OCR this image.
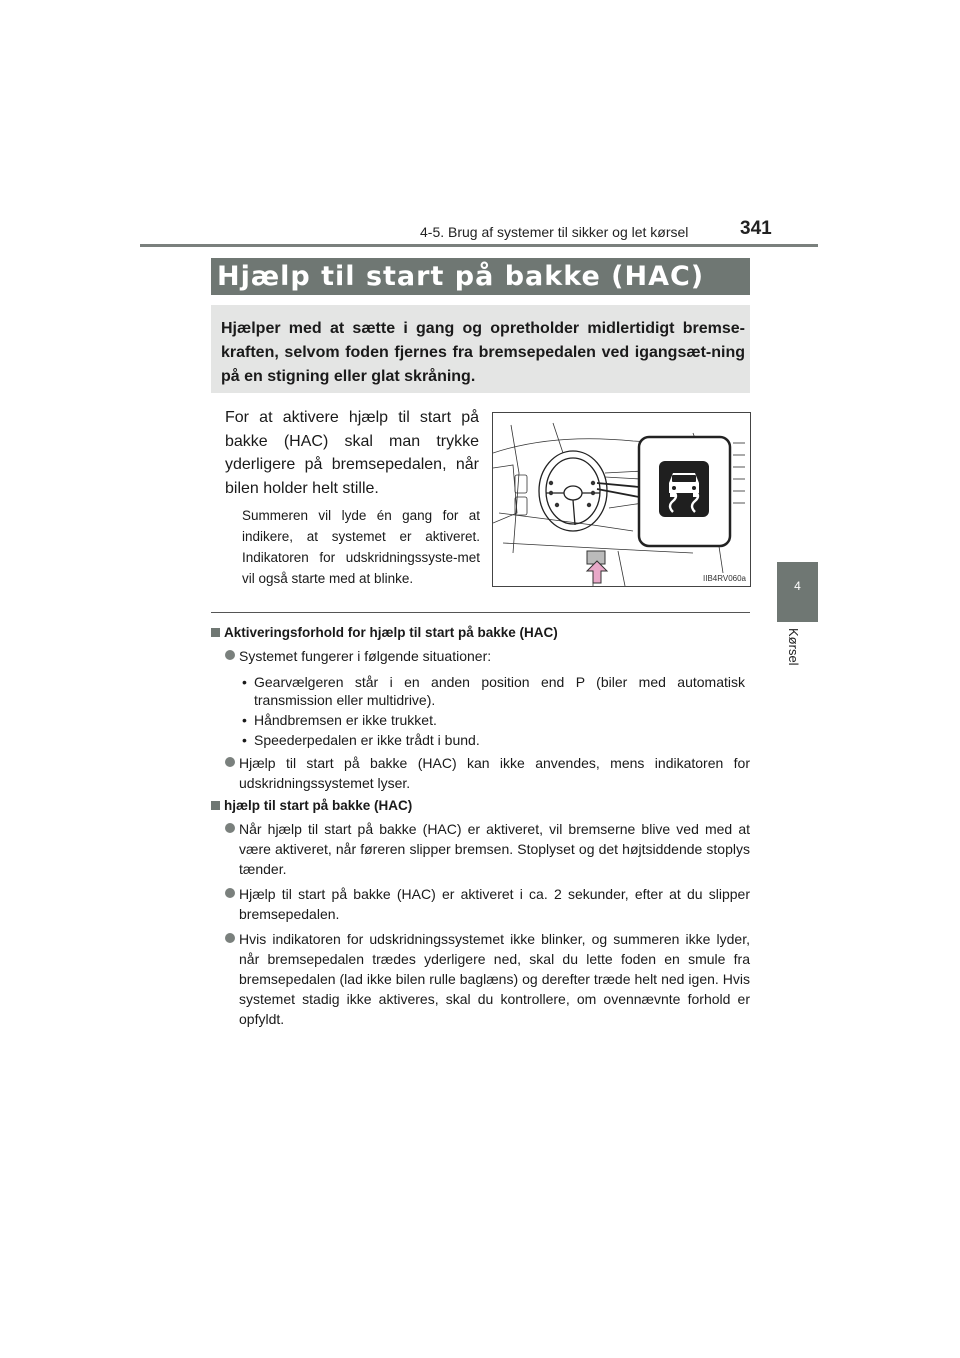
4-5. Brug af systemer til sikker og let kørsel	341
4
Kørsel
Hjælp til start på bakke (HAC)

Hjælper med at sætte i gang og opretholder midlertidigt bremse-kraften, selvom foden fjernes fra bremsepedalen ved igangsæt-ning på en stigning eller glat skråning.

For at aktivere hjælp til start på bakke (HAC) skal man trykke yderligere på bremsepedalen, når bilen holder helt stille.

Summeren vil lyde én gang for at indikere, at systemet er aktiveret. Indikatoren for udskridningssyste-met vil også starte med at blinke.	IIB4RV060a
Aktiveringsforhold for hjælp til start på bakke (HAC)
Systemet fungerer i følgende situationer:
• Gearvælgeren står i en anden position end P (biler med automatisk transmission eller multidrive).
• Håndbremsen er ikke trukket.
• Speederpedalen er ikke trådt i bund.
Hjælp til start på bakke (HAC) kan ikke anvendes, mens indikatoren for udskridningssystemet lyser.
hjælp til start på bakke (HAC)
Når hjælp til start på bakke (HAC) er aktiveret, vil bremserne blive ved med at være aktiveret, når føreren slipper bremsen. Stoplyset og det højtsiddende stoplys tænder.
Hjælp til start på bakke (HAC) er aktiveret i ca. 2 sekunder, efter at du slipper bremsepedalen.
Hvis indikatoren for udskridningssystemet ikke blinker, og summeren ikke lyder, når bremsepedalen trædes yderligere ned, skal du lette foden en smule fra bremsepedalen (lad ikke bilen rulle baglæns) og derefter træde helt ned igen. Hvis systemet stadig ikke aktiveres, skal du kontrollere, om ovennævnte forhold er opfyldt.
